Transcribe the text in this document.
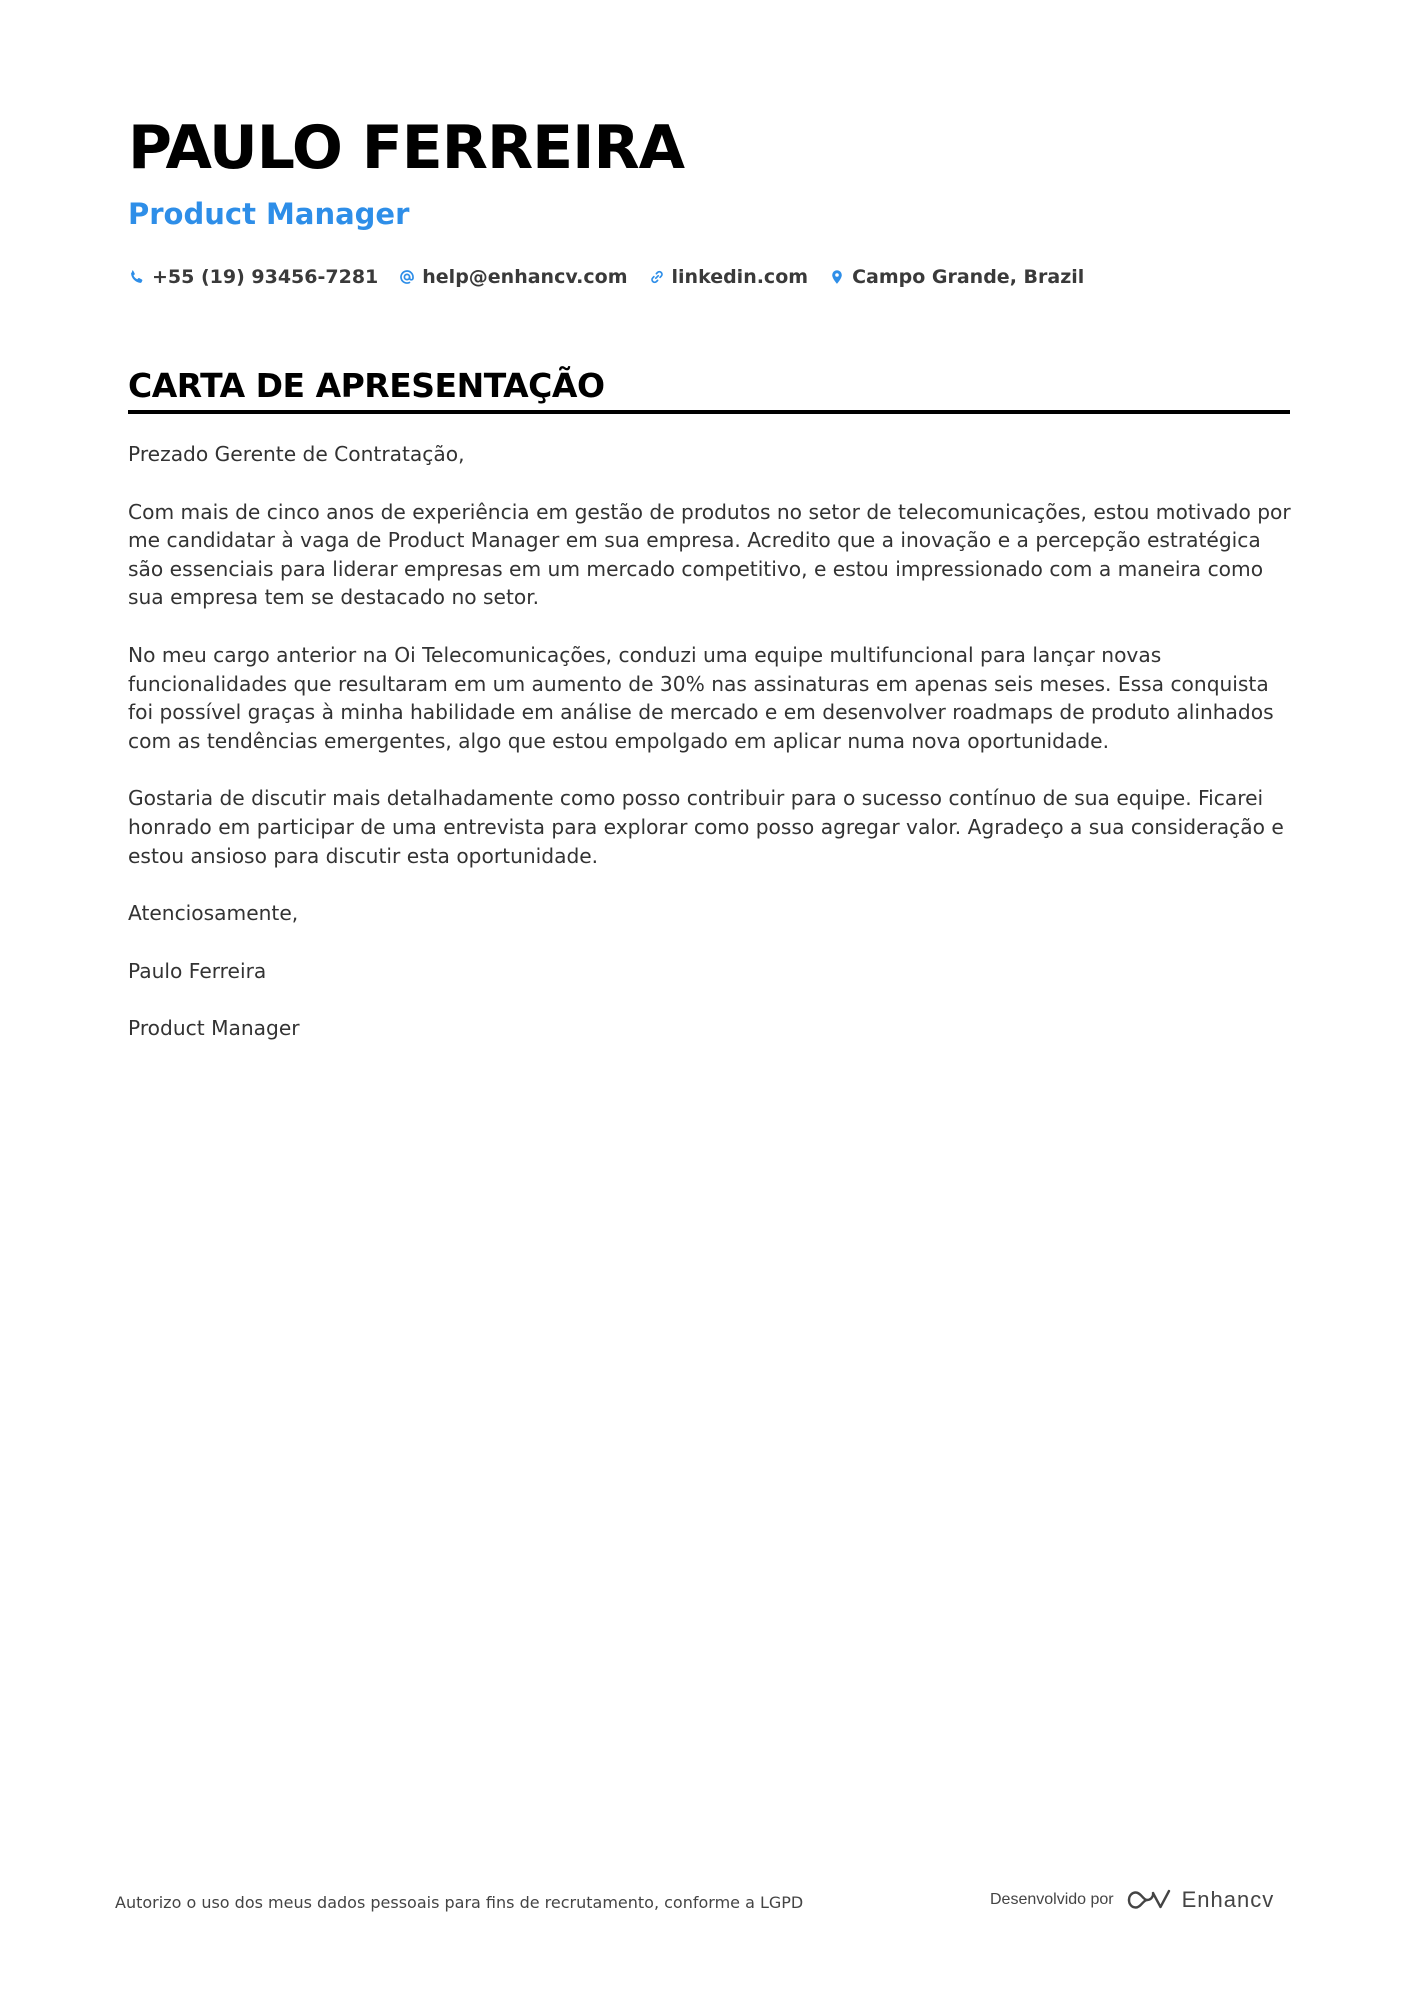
PAULO FERREIRA
Product Manager
+55 (19) 93456-7281 help@enhancv.com linkedin.com Campo Grande, Brazil
CARTA DE APRESENTAÇÃO

Prezado Gerente de Contratação,

Com mais de cinco anos de experiência em gestão de produtos no setor de telecomunicações, estou motivado por me candidatar à vaga de Product Manager em sua empresa. Acredito que a inovação e a percepção estratégica são essenciais para liderar empresas em um mercado competitivo, e estou impressionado com a maneira como sua empresa tem se destacado no setor.

No meu cargo anterior na Oi Telecomunicações, conduzi uma equipe multifuncional para lançar novas funcionalidades que resultaram em um aumento de 30% nas assinaturas em apenas seis meses. Essa conquista foi possível graças à minha habilidade em análise de mercado e em desenvolver roadmaps de produto alinhados com as tendências emergentes, algo que estou empolgado em aplicar numa nova oportunidade.

Gostaria de discutir mais detalhadamente como posso contribuir para o sucesso contínuo de sua equipe. Ficarei honrado em participar de uma entrevista para explorar como posso agregar valor. Agradeço a sua consideração e estou ansioso para discutir esta oportunidade.

Atenciosamente,

Paulo Ferreira

Product Manager

Autorizo o uso dos meus dados pessoais para fins de recrutamento, conforme a LGPD	Desenvolvido por	Enhancv
